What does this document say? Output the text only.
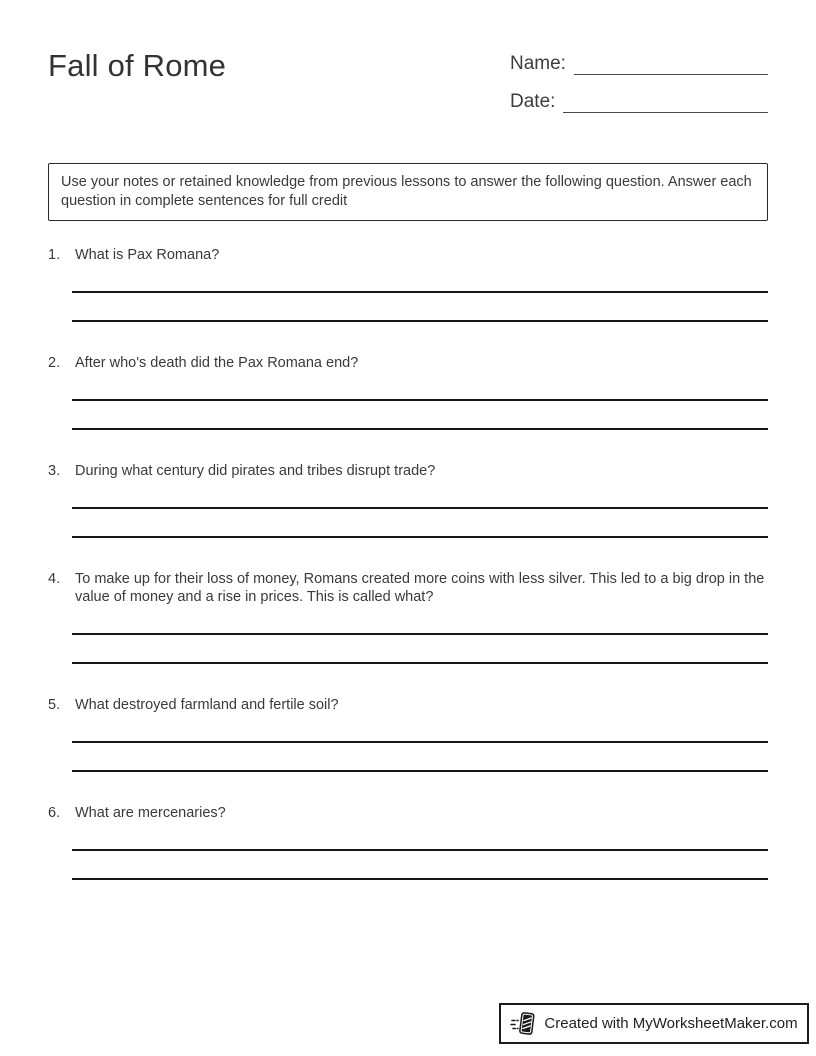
Fall of Rome	Name:
Date:
Use your notes or retained knowledge from previous lessons to answer the following question. Answer each question in complete sentences for full credit
1.	What is Pax Romana?
2.	After who's death did the Pax Romana end?
3.	During what century did pirates and tribes disrupt trade?
4.	To make up for their loss of money, Romans created more coins with less silver. This led to a big drop in the value of money and a rise in prices. This is called what?
5.	What destroyed farmland and fertile soil?
6.	What are mercenaries?
Created with MyWorksheetMaker.com
